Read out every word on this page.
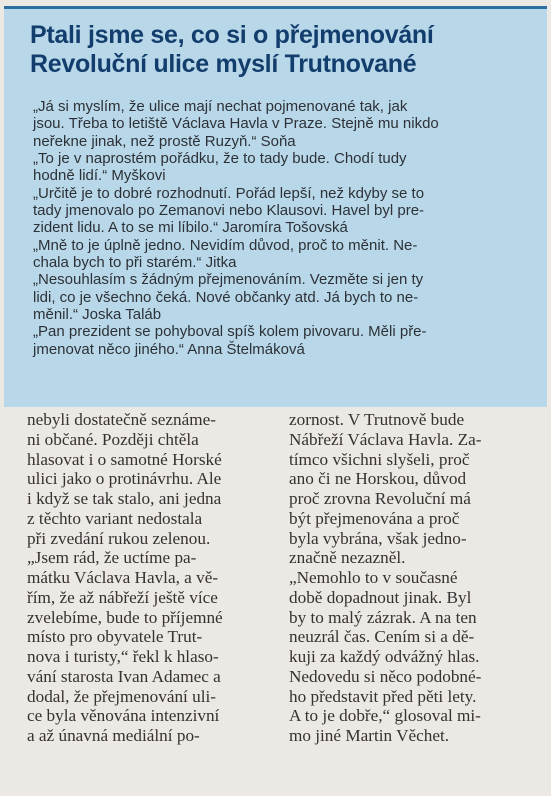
Ptali jsme se, co si o přejmenování
Revoluční ulice myslí Trutnované

„Já si myslím, že ulice mají nechat pojmenované tak, jak
jsou. Třeba to letiště Václava Havla v Praze. Stejně mu nikdo
neřekne jinak, než prostě Ruzyň.“ Soňa

„To je v naprostém pořádku, že to tady bude. Chodí tudy
hodně lidí.“ Myškovi

„Určitě je to dobré rozhodnutí. Pořád lepší, než kdyby se to
tady jmenovalo po Zemanovi nebo Klausovi. Havel byl pre-
zident lidu. A to se mi líbilo.“ Jaromíra Tošovská

„Mně to je úplně jedno. Nevidím důvod, proč to měnit. Ne-
chala bych to při starém.“ Jitka

„Nesouhlasím s žádným přejmenováním. Vezměte si jen ty
lidi, co je všechno čeká. Nové občanky atd. Já bych to ne-
měnil.“ Joska Taláb

„Pan prezident se pohyboval spíš kolem pivovaru. Měli pře-
jmenovat něco jiného.“ Anna Štelmáková

nebyli dostatečně seznáme-
ni občané. Později chtěla
hlasovat i o samotné Horské
ulici jako o protinávrhu. Ale
i když se tak stalo, ani jedna
z těchto variant nedostala
při zvedání rukou zelenou.

„Jsem rád, že uctíme pa-
mátku Václava Havla, a vě-
řím, že až nábřeží ještě více
zvelebíme, bude to příjemné
místo pro obyvatele Trut-
nova i turisty,“ řekl k hlaso-
vání starosta Ivan Adamec a
dodal, že přejmenování uli-
ce byla věnována intenzivní
a až únavná mediální po-

zornost. V Trutnově bude
Nábřeží Václava Havla. Za-
tímco všichni slyšeli, proč
ano či ne Horskou, důvod
proč zrovna Revoluční má
být přejmenována a proč
byla vybrána, však jedno-
značně nezazněl.

„Nemohlo to v současné
době dopadnout jinak. Byl
by to malý zázrak. A na ten
neuzrál čas. Cením si a dě-
kuji za každý odvážný hlas.
Nedovedu si něco podobné-
ho představit před pěti lety.
A to je dobře,“ glosoval mi-
mo jiné Martin Věchet.
